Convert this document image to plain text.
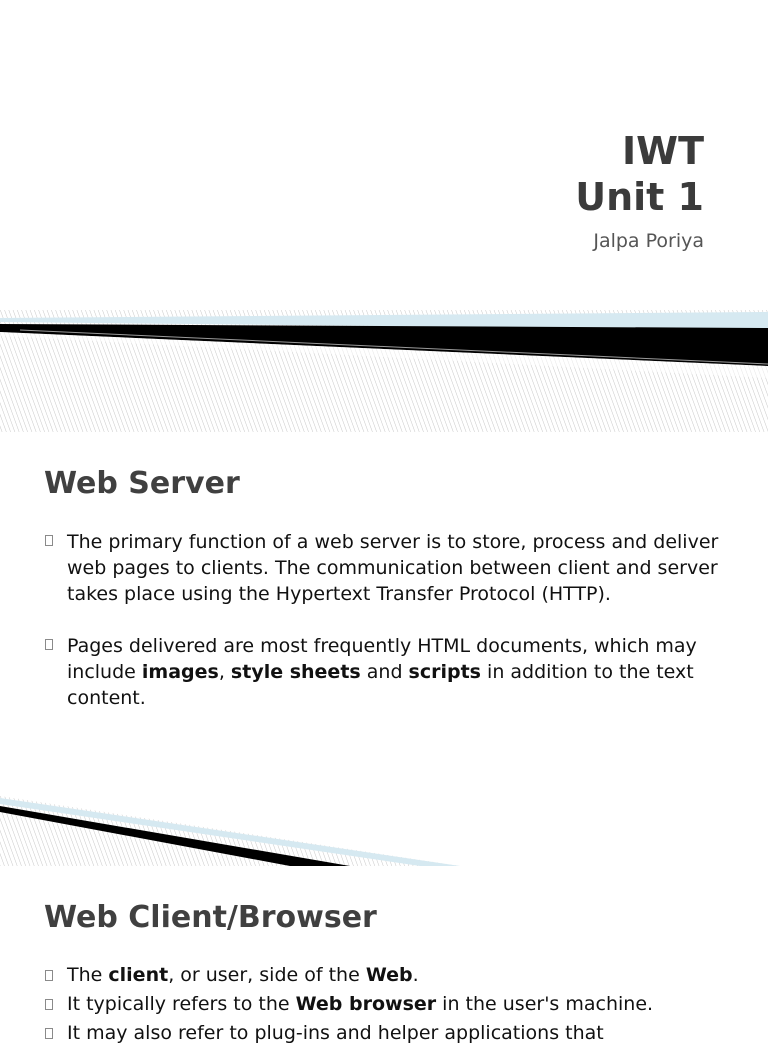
IWT
Unit 1
Jalpa Poriya
Web Server
The primary function of a web server is to store, process and deliver web pages to clients. The communication between client and server takes place using the Hypertext Transfer Protocol (HTTP).
Pages delivered are most frequently HTML documents, which may include images, style sheets and scripts in addition to the text content.
Web Client/Browser
The client, or user, side of the Web.
It typically refers to the Web browser in the user's machine.
It may also refer to plug-ins and helper applications that
